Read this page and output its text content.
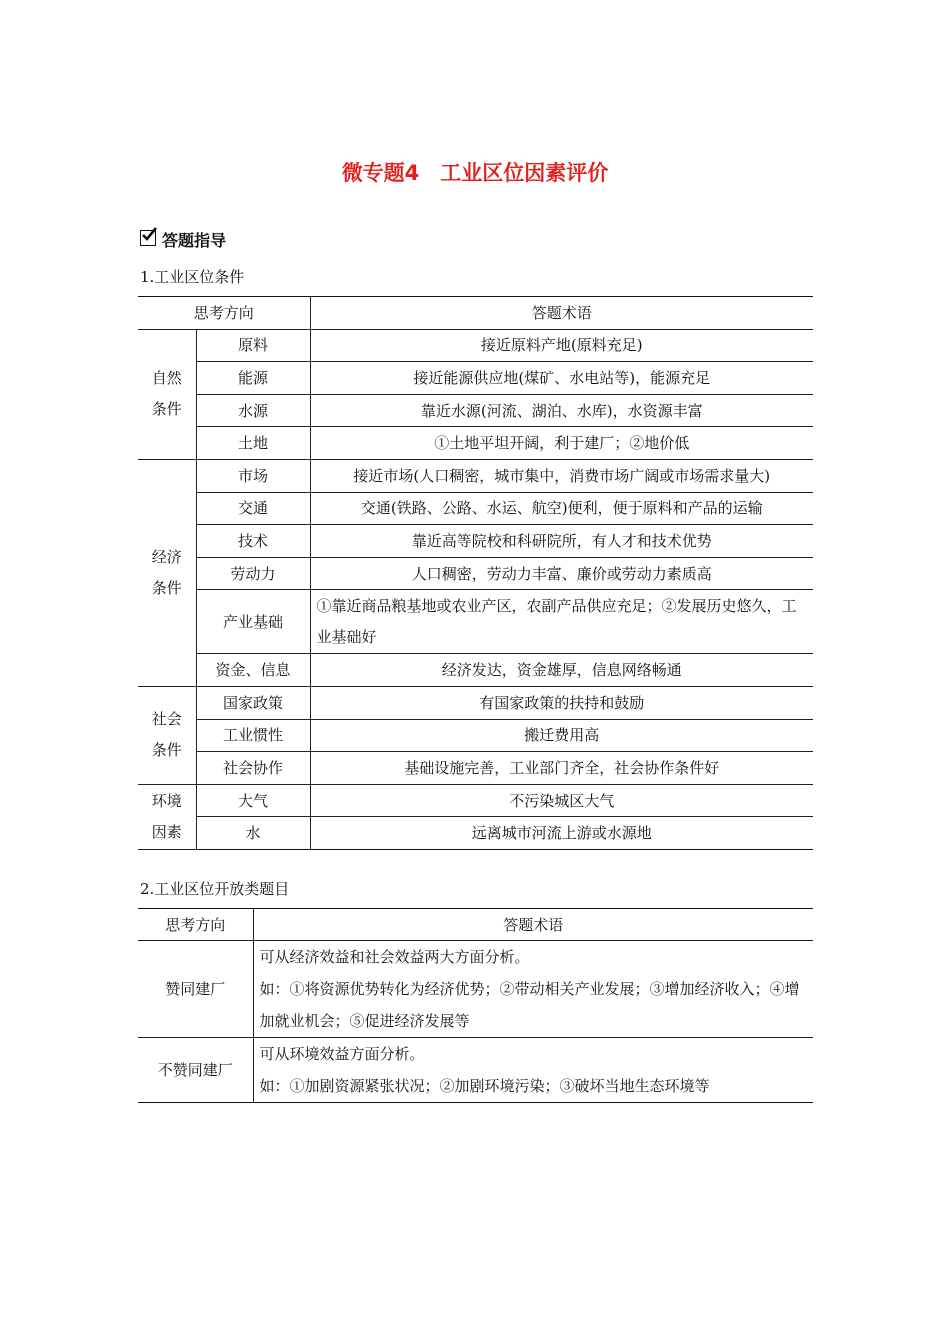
微专题4　工业区位因素评价
答题指导
1.工业区位条件
思考方向		答题术语
自然
条件	原料	接近原料产地(原料充足)
	能源	接近能源供应地(煤矿、水电站等)，能源充足
	水源	靠近水源(河流、湖泊、水库)，水资源丰富
	土地	①土地平坦开阔，利于建厂；②地价低
经济
条件	市场	接近市场(人口稠密，城市集中，消费市场广阔或市场需求量大)
	交通	交通(铁路、公路、水运、航空)便利，便于原料和产品的运输
	技术	靠近高等院校和科研院所，有人才和技术优势
	劳动力	人口稠密，劳动力丰富、廉价或劳动力素质高
	产业基础	①靠近商品粮基地或农业产区，农副产品供应充足；②发展历史悠久，工业基础好
	资金、信息	经济发达，资金雄厚，信息网络畅通
社会
条件	国家政策	有国家政策的扶持和鼓励
	工业惯性	搬迁费用高
	社会协作	基础设施完善，工业部门齐全，社会协作条件好
环境
因素	大气	不污染城区大气
	水	远离城市河流上游或水源地
2.工业区位开放类题目
思考方向	答题术语
赞同建厂	可从经济效益和社会效益两大方面分析。
如：①将资源优势转化为经济优势；②带动相关产业发展；③增加经济收入；④增加就业机会；⑤促进经济发展等

不赞同建厂	可从环境效益方面分析。
如：①加剧资源紧张状况；②加剧环境污染；③破坏当地生态环境等
